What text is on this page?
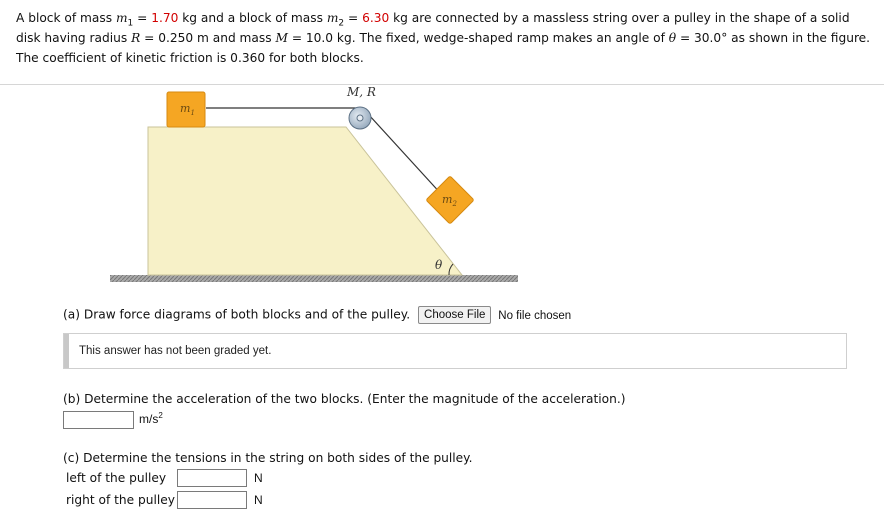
A block of mass $m_1 = 1.70$ kg and a block of mass $m_2 = 6.30$ kg are connected by a massless string over a pulley in the shape of a solid disk having radius R = 0.250 m and mass M = 10.0 kg. The fixed, wedge-shaped ramp makes an angle of θ = 30.0° as shown in the figure. The coefficient of kinetic friction is 0.360 for both blocks.

$m_1$
$m_2$
M, R
θ
(a) Draw force diagrams of both blocks and of the pulley. Choose File No file chosen
This answer has not been graded yet.
(b) Determine the acceleration of the two blocks. (Enter the magnitude of the acceleration.)
$m/s^2$
(c) Determine the tensions in the string on both sides of the pulley.
left of the pulley	N
right of the pulley	N
